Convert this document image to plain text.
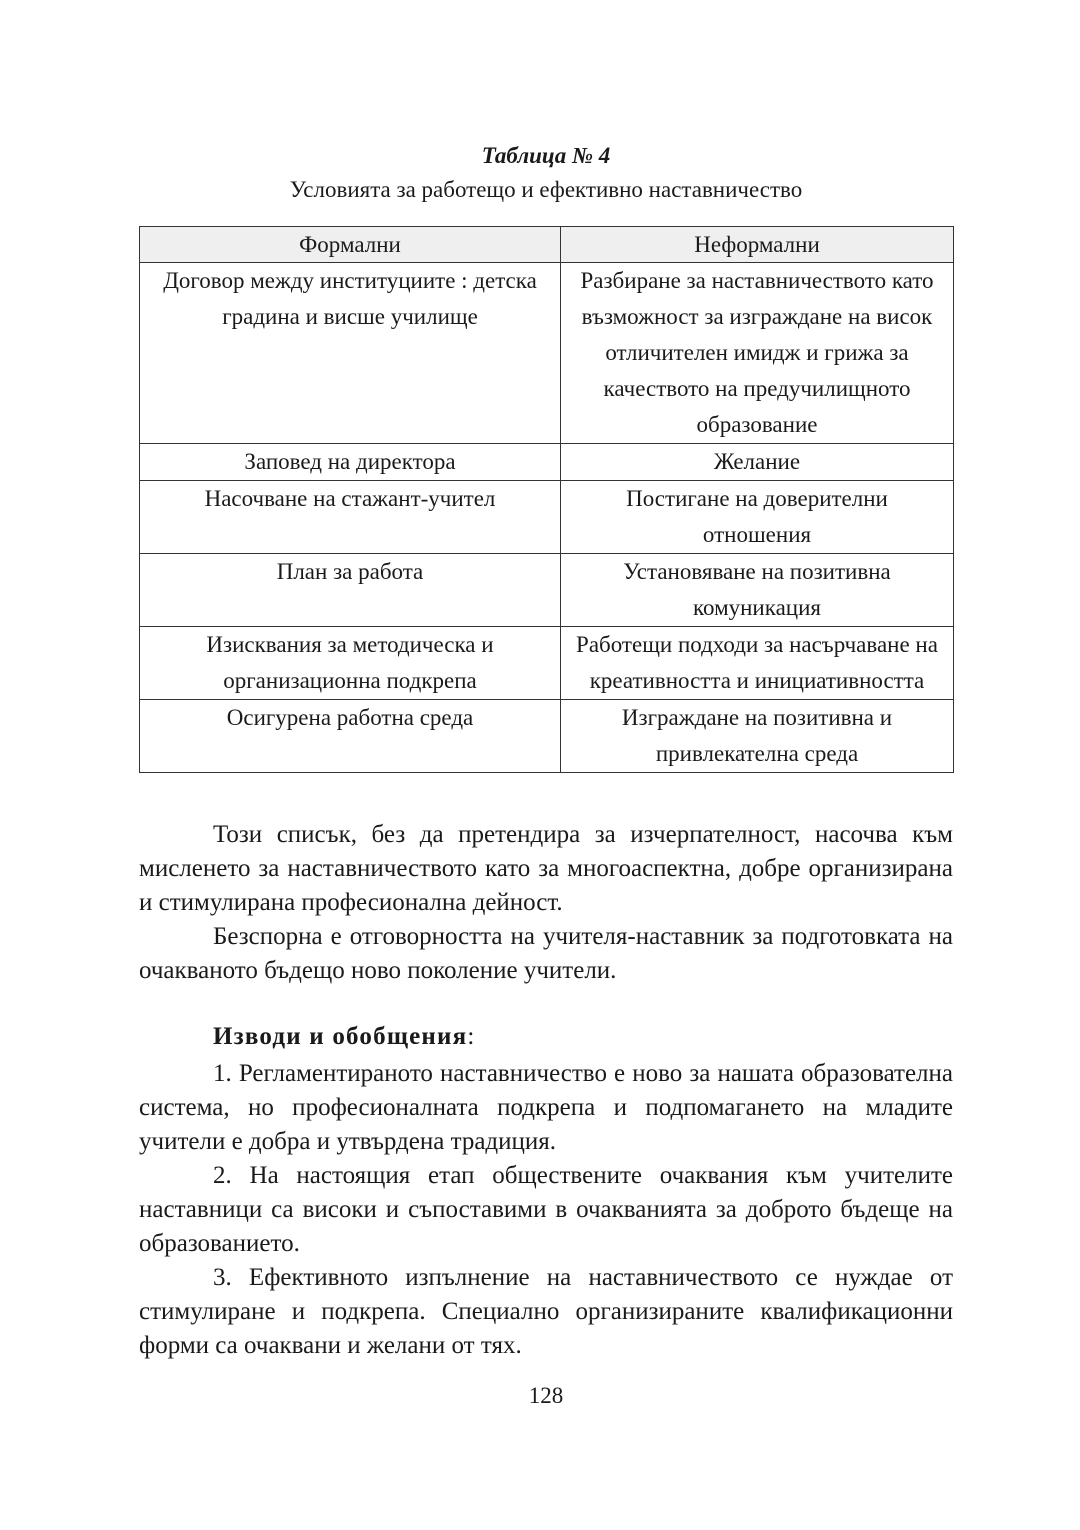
Таблица № 4
Условията за работещо и ефективно наставничество
Формални	Неформални
Договор между институциите : детска градина и висше училище	Разбиране за наставничеството като възможност за изграждане на висок отличителен имидж и грижа за качеството на предучилищното образование
Заповед на директора	Желание
Насочване на стажант-учител	Постигане на доверителни отношения
План за работа	Установяване на позитивна комуникация
Изисквания за методическа и организационна подкрепа	Работещи подходи за насърчаване на креативността и инициативността
Осигурена работна среда	Изграждане на позитивна и привлекателна среда

Този списък, без да претендира за изчерпателност, насочва към мисленето за наставничеството като за многоаспектна, добре организирана и стимулирана професионална дейност.

Безспорна е отговорността на учителя-наставник за подготовката на очакваното бъдещо ново поколение учители.

Изводи и обобщения:

1. Регламентираното наставничество е ново за нашата образователна система, но професионалната подкрепа и подпомагането на младите учители е добра и утвърдена традиция.

2. На настоящия етап обществените очаквания към учителите наставници са високи и съпоставими в очакванията за доброто бъдеще на образованието.

3. Ефективното изпълнение на наставничеството се нуждае от стимулиране и подкрепа. Специално организираните квалификационни форми са очаквани и желани от тях.

128
